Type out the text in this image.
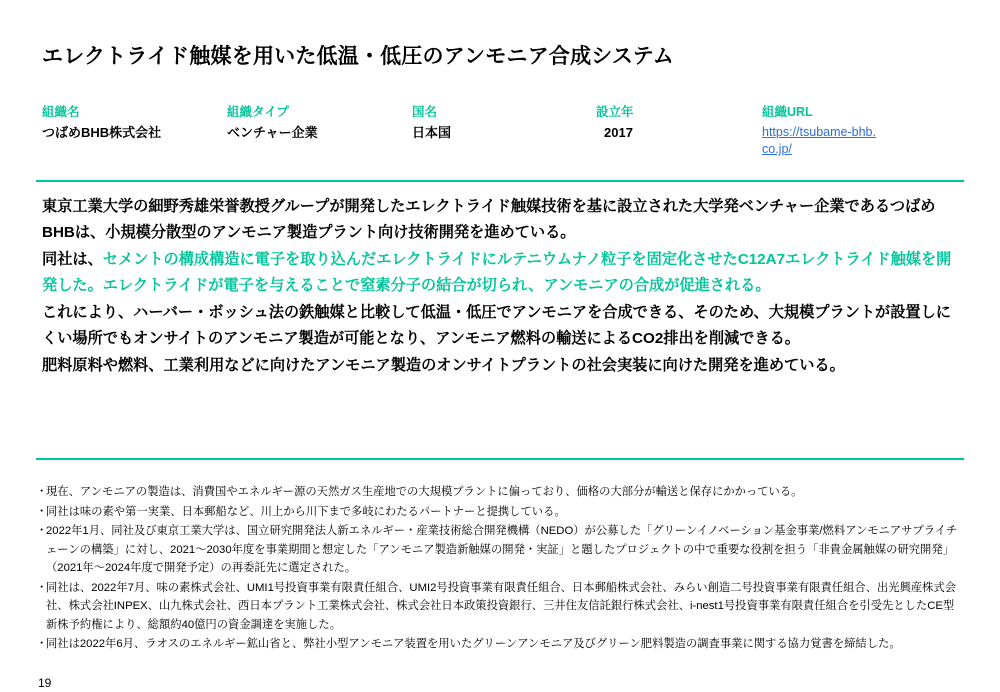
エレクトライド触媒を用いた低温・低圧のアンモニア合成システム
組織名
つばめBHB株式会社
組織タイプ
ベンチャー企業
国名
日本国
設立年
2017
組織URL
https://tsubame-bhb.co.jp/

東京工業大学の細野秀雄栄誉教授グループが開発したエレクトライド触媒技術を基に設立された大学発ベンチャー企業であるつばめBHBは、小規模分散型のアンモニア製造プラント向け技術開発を進めている。

同社は、セメントの構成構造に電子を取り込んだエレクトライドにルテニウムナノ粒子を固定化させたC12A7エレクトライド触媒を開発した。エレクトライドが電子を与えることで窒素分子の結合が切られ、アンモニアの合成が促進される。

これにより、ハーバー・ボッシュ法の鉄触媒と比較して低温・低圧でアンモニアを合成できる、そのため、大規模プラントが設置しにくい場所でもオンサイトのアンモニア製造が可能となり、アンモニア燃料の輸送によるCO2排出を削減できる。

肥料原料や燃料、工業利用などに向けたアンモニア製造のオンサイトプラントの社会実装に向けた開発を進めている。

・
現在、アンモニアの製造は、消費国やエネルギー源の天然ガス生産地での大規模プラントに偏っており、価格の大部分が輸送と保存にかかっている。

・
同社は味の素や第一実業、日本郵船など、川上から川下まで多岐にわたるパートナーと提携している。

・
2022年1月、同社及び東京工業大学は、国立研究開発法人新エネルギー・産業技術総合開発機構（NEDO）が公募した「グリーンイノベーション基金事業/燃料アンモニアサプライチェーンの構築」に対し、2021～2030年度を事業期間と想定した「アンモニア製造新触媒の開発・実証」と題したプロジェクトの中で重要な役割を担う「非貴金属触媒の研究開発」（2021年～2024年度で開発予定）の再委託先に選定された。

・
同社は、2022年7月、味の素株式会社、UMI1号投資事業有限責任組合、UMI2号投資事業有限責任組合、日本郵船株式会社、みらい創造二号投資事業有限責任組合、出光興産株式会社、株式会社INPEX、山九株式会社、西日本プラント工業株式会社、株式会社日本政策投資銀行、三井住友信託銀行株式会社、i-nest1号投資事業有限責任組合を引受先としたCE型新株予約権により、総額約40億円の資金調達を実施した。

・
同社は2022年6月、ラオスのエネルギー鉱山省と、弊社小型アンモニア装置を用いたグリーンアンモニア及びグリーン肥料製造の調査事業に関する協力覚書を締結した。

19
